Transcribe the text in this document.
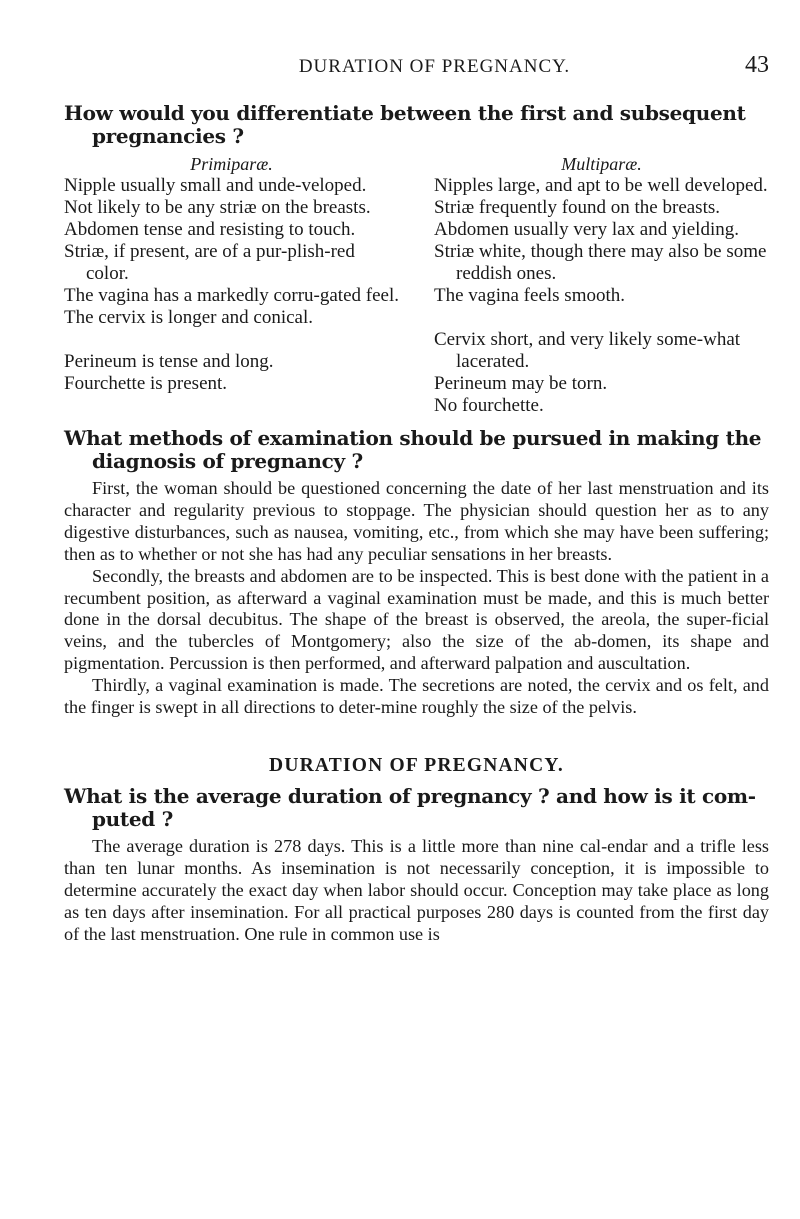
DURATION OF PREGNANCY.	43
How would you differentiate between the first and subsequent pregnancies ?
Primiparæ.
Nipple usually small and unde-veloped.
Not likely to be any striæ on the breasts.
Abdomen tense and resisting to touch.
Striæ, if present, are of a pur-plish-red color.
The vagina has a markedly corru-gated feel.
The cervix is longer and conical.
Perineum is tense and long.
Fourchette is present.
Multiparæ.
Nipples large, and apt to be well developed.
Striæ frequently found on the breasts.
Abdomen usually very lax and yielding.
Striæ white, though there may also be some reddish ones.
The vagina feels smooth.
Cervix short, and very likely some-what lacerated.
Perineum may be torn.
No fourchette.
What methods of examination should be pursued in making the diagnosis of pregnancy ?

First, the woman should be questioned concerning the date of her last menstruation and its character and regularity previous to stoppage. The physician should question her as to any digestive disturbances, such as nausea, vomiting, etc., from which she may have been suffering; then as to whether or not she has had any peculiar sensations in her breasts.

Secondly, the breasts and abdomen are to be inspected. This is best done with the patient in a recumbent position, as afterward a vaginal examination must be made, and this is much better done in the dorsal decubitus. The shape of the breast is observed, the areola, the super-ficial veins, and the tubercles of Montgomery; also the size of the ab-domen, its shape and pigmentation. Percussion is then performed, and afterward palpation and auscultation.

Thirdly, a vaginal examination is made. The secretions are noted, the cervix and os felt, and the finger is swept in all directions to deter-mine roughly the size of the pelvis.

DURATION OF PREGNANCY.
What is the average duration of pregnancy ? and how is it com-puted ?

The average duration is 278 days. This is a little more than nine cal-endar and a trifle less than ten lunar months. As insemination is not necessarily conception, it is impossible to determine accurately the exact day when labor should occur. Conception may take place as long as ten days after insemination. For all practical purposes 280 days is counted from the first day of the last menstruation. One rule in common use is
